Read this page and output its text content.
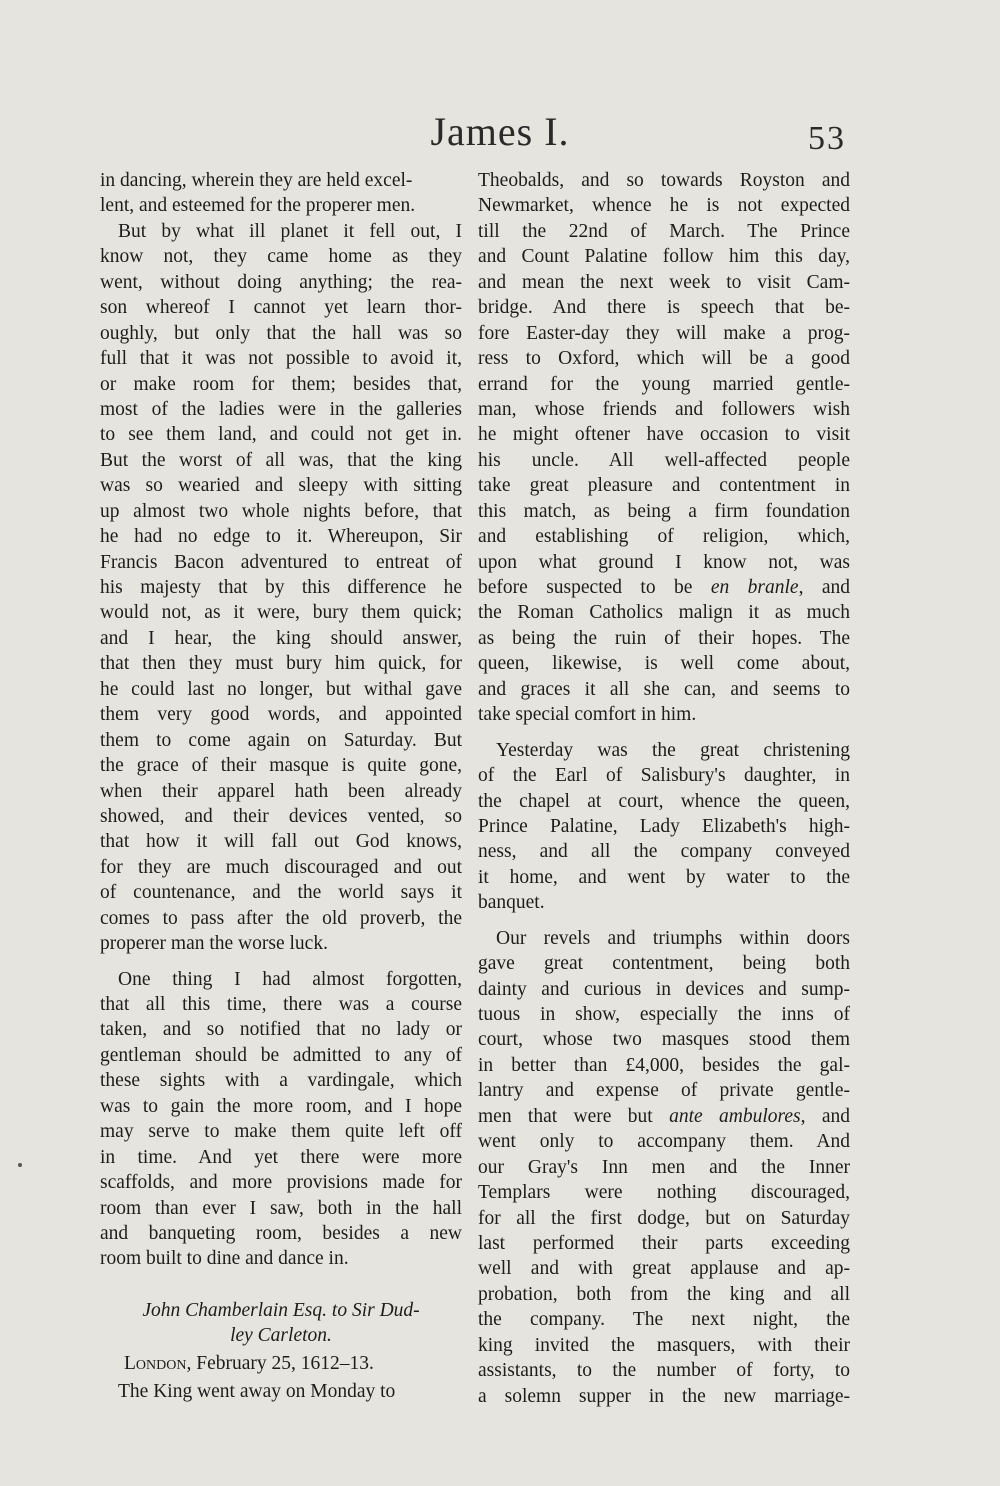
James I.	53
in dancing, wherein they are held excel-
lent, and esteemed for the properer men.
But by what ill planet it fell out, I
know not, they came home as they
went, without doing anything; the rea-
son whereof I cannot yet learn thor-
oughly, but only that the hall was so
full that it was not possible to avoid it,
or make room for them; besides that,
most of the ladies were in the galleries
to see them land, and could not get in.
But the worst of all was, that the king
was so wearied and sleepy with sitting
up almost two whole nights before, that
he had no edge to it. Whereupon, Sir
Francis Bacon adventured to entreat of
his majesty that by this difference he
would not, as it were, bury them quick;
and I hear, the king should answer,
that then they must bury him quick, for
he could last no longer, but withal gave
them very good words, and appointed
them to come again on Saturday. But
the grace of their masque is quite gone,
when their apparel hath been already
showed, and their devices vented, so
that how it will fall out God knows,
for they are much discouraged and out
of countenance, and the world says it
comes to pass after the old proverb, the
properer man the worse luck.
One thing I had almost forgotten,
that all this time, there was a course
taken, and so notified that no lady or
gentleman should be admitted to any of
these sights with a vardingale, which
was to gain the more room, and I hope
may serve to make them quite left off
in time. And yet there were more
scaffolds, and more provisions made for
room than ever I saw, both in the hall
and banqueting room, besides a new
room built to dine and dance in.
John Chamberlain Esq. to Sir Dud-
ley Carleton.
London, February 25, 1612–13.
The King went away on Monday to
Theobalds, and so towards Royston and
Newmarket, whence he is not expected
till the 22nd of March. The Prince
and Count Palatine follow him this day,
and mean the next week to visit Cam-
bridge. And there is speech that be-
fore Easter-day they will make a prog-
ress to Oxford, which will be a good
errand for the young married gentle-
man, whose friends and followers wish
he might oftener have occasion to visit
his uncle. All well-affected people
take great pleasure and contentment in
this match, as being a firm foundation
and establishing of religion, which,
upon what ground I know not, was
before suspected to be en branle, and
the Roman Catholics malign it as much
as being the ruin of their hopes. The
queen, likewise, is well come about,
and graces it all she can, and seems to
take special comfort in him.
Yesterday was the great christening
of the Earl of Salisbury's daughter, in
the chapel at court, whence the queen,
Prince Palatine, Lady Elizabeth's high-
ness, and all the company conveyed
it home, and went by water to the
banquet.
Our revels and triumphs within doors
gave great contentment, being both
dainty and curious in devices and sump-
tuous in show, especially the inns of
court, whose two masques stood them
in better than £4,000, besides the gal-
lantry and expense of private gentle-
men that were but ante ambulores, and
went only to accompany them. And
our Gray's Inn men and the Inner
Templars were nothing discouraged,
for all the first dodge, but on Saturday
last performed their parts exceeding
well and with great applause and ap-
probation, both from the king and all
the company. The next night, the
king invited the masquers, with their
assistants, to the number of forty, to
a solemn supper in the new marriage-
